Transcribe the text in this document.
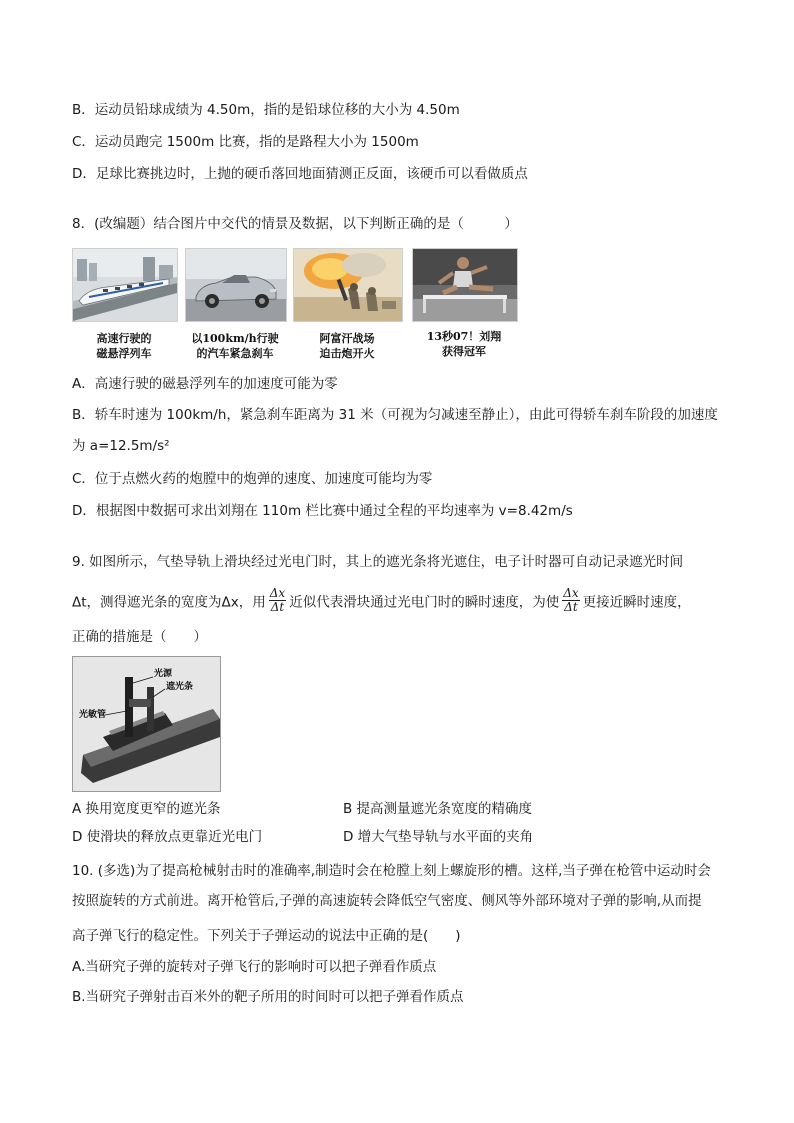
B．运动员铅球成绩为 4.50m，指的是铅球位移的大小为 4.50m
C．运动员跑完 1500m 比赛，指的是路程大小为 1500m
D．足球比赛挑边时，上抛的硬币落回地面猜测正反面，该硬币可以看做质点
8．(改编题）结合图片中交代的情景及数据，以下判断正确的是（　　　）
高速行驶的
磁悬浮列车
以100km/h行驶
的汽车紧急刹车
阿富汗战场
迫击炮开火
13秒07！刘翔
获得冠军
A．高速行驶的磁悬浮列车的加速度可能为零
B．轿车时速为 100km/h，紧急刹车距离为 31 米（可视为匀减速至静止），由此可得轿车刹车阶段的加速度
为 a=12.5m/s²
C．位于点燃火药的炮膛中的炮弹的速度、加速度可能均为零
D．根据图中数据可求出刘翔在 110m 栏比赛中通过全程的平均速率为 v=8.42m/s
9. 如图所示，气垫导轨上滑块经过光电门时，其上的遮光条将光遮住，电子计时器可自动记录遮光时间
Δt，测得遮光条的宽度为Δx，用 $\frac{\Delta x}{\Delta t}$ 近似代表滑块通过光电门时的瞬时速度，为使 $\frac{\Delta x}{\Delta t}$ 更接近瞬时速度，
正确的措施是（　　）
光源
遮光条
光敏管
A 换用宽度更窄的遮光条	B 提高测量遮光条宽度的精确度
D 使滑块的释放点更靠近光电门	D 增大气垫导轨与水平面的夹角
10. (多选)为了提高枪械射击时的准确率,制造时会在枪膛上刻上螺旋形的槽。这样,当子弹在枪管中运动时会
按照旋转的方式前进。离开枪管后,子弹的高速旋转会降低空气密度、侧风等外部环境对子弹的影响,从而提
高子弹飞行的稳定性。下列关于子弹运动的说法中正确的是(　　)
A.当研究子弹的旋转对子弹飞行的影响时可以把子弹看作质点
B.当研究子弹射击百米外的靶子所用的时间时可以把子弹看作质点
